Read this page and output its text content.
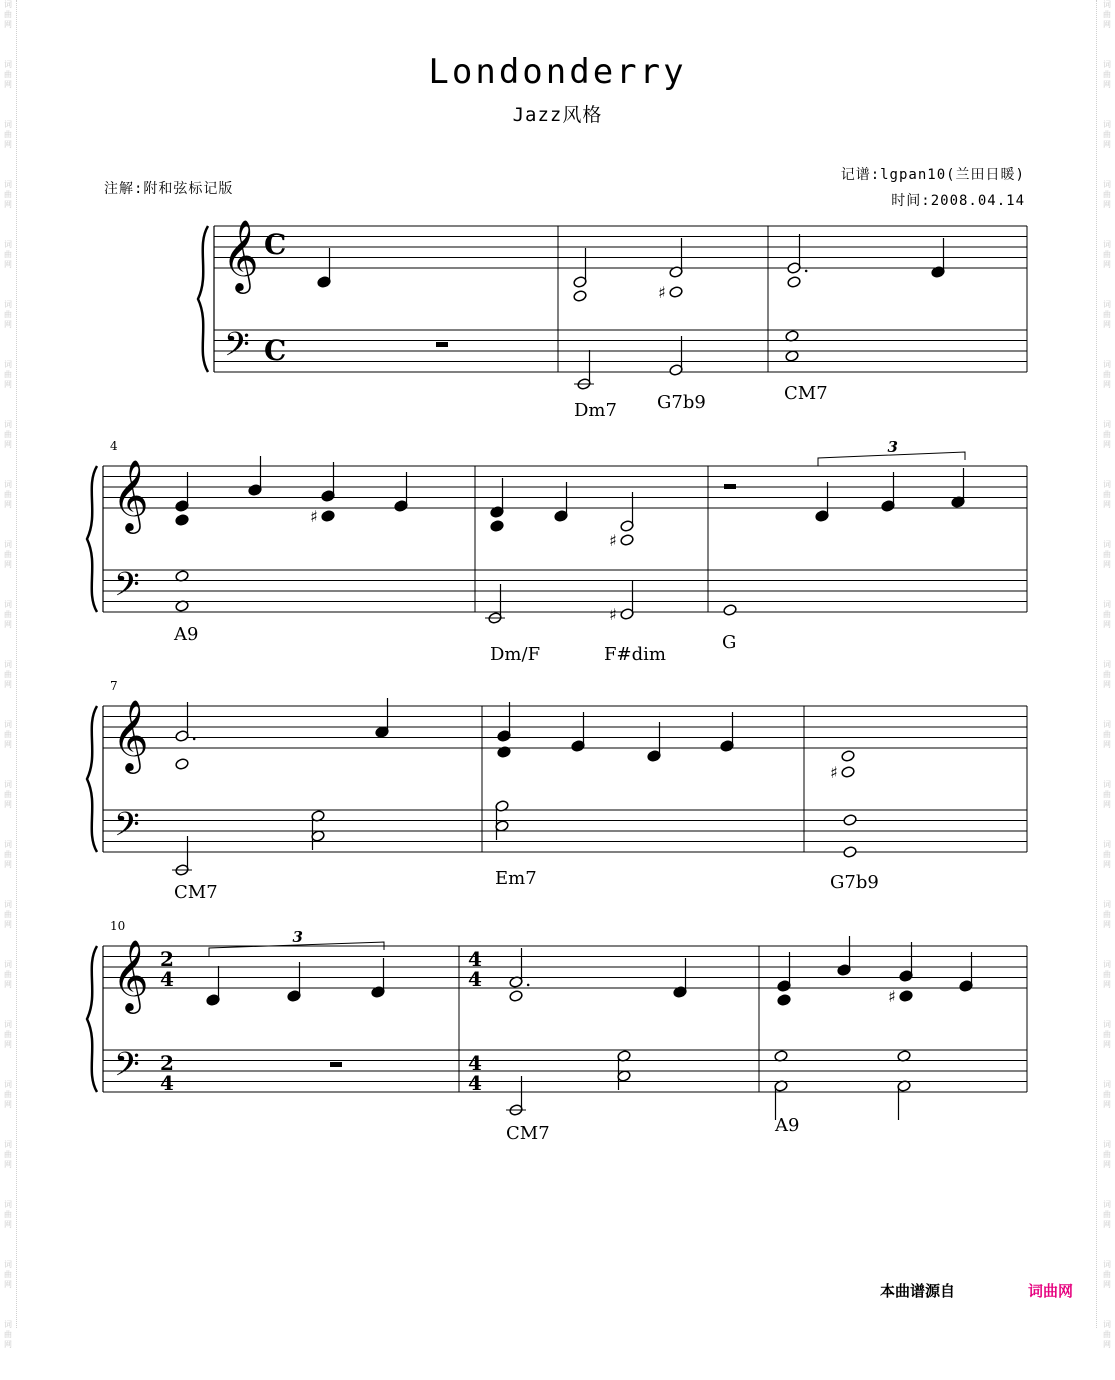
词
曲
网
词
曲
网
词
曲
网
词
曲
网
词
曲
网
词
曲
网
词
曲
网
词
曲
网
词
曲
网
词
曲
网
词
曲
网
词
曲
网
词
曲
网
词
曲
网
词
曲
网
词
曲
网
词
曲
网
词
曲
网
词
曲
网
词
曲
网
词
曲
网
词
曲
网
词
曲
网
词
曲
网
词
曲
网
词
曲
网
词
曲
网
词
曲
网
词
曲
网
词
曲
网
词
曲
网
词
曲
网
词
曲
网
词
曲
网
词
曲
网
词
曲
网
词
曲
网
词
曲
网
词
曲
网
词
曲
网
词
曲
网
词
曲
网
词
曲
网
词
曲
网
词
曲
网
词
曲
网
Londonderry
Jazz风格
注解:附和弦标记版
记谱:lgpan10(兰田日暖)
时间:2008.04.14
𝄞
𝄢
C
C
♯
.
Dm7 G7b9	CM7
4
𝄞
𝄢
♯
♯
3
♯
A9
Dm/F	F#dim
G
7
𝄞
𝄢
.
♯
CM7
Em7	G7b9
10
𝄞
𝄢
2
4
2
4
4
4
4
4
3
.
♯
CM7	A9
本曲谱源自	词曲网
